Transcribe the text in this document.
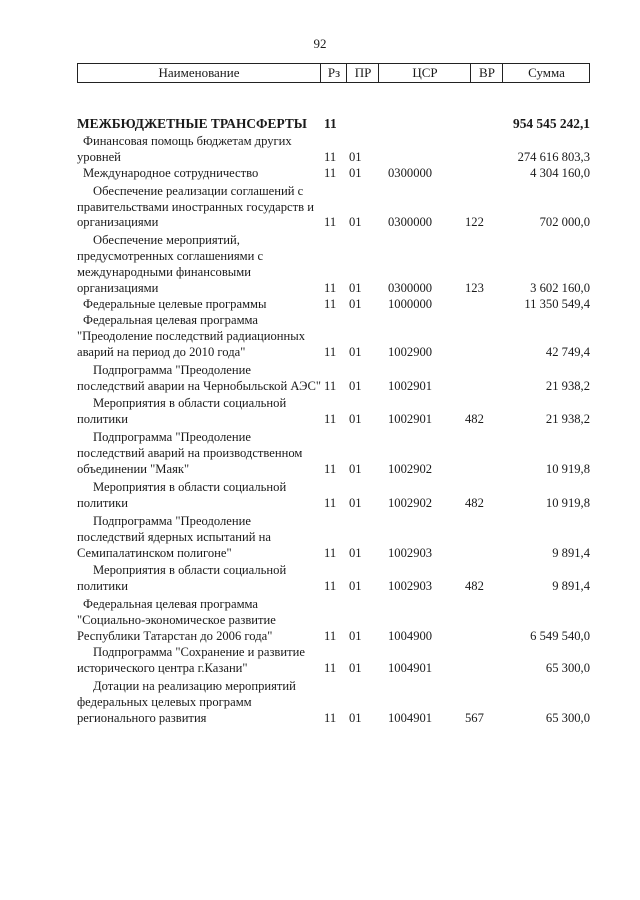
92
Наименование	Рз	ПР	ЦСР	ВР	Сумма
МЕЖБЮДЖЕТНЫЕ ТРАНСФЕРТЫ	11	954 545 242,1
Финансовая помощь бюджетам других уровней	11	01	274 616 803,3
Международное сотрудничество	11	01	0300000	4 304 160,0
Обеспечение реализации соглашений с правительствами иностранных государств и организациями	11	01	0300000	122	702 000,0
Обеспечение мероприятий, предусмотренных соглашениями с международными финансовыми организациями	11	01	0300000	123	3 602 160,0
Федеральные целевые программы	11	01	1000000	11 350 549,4
Федеральная целевая программа "Преодоление последствий радиационных аварий на период до 2010 года"	11	01	1002900	42 749,4
Подпрограмма "Преодоление последствий аварии на Чернобыльской АЭС" 11	01	1002901	21 938,2
Мероприятия в области социальной политики	11	01	1002901	482	21 938,2
Подпрограмма "Преодоление последствий аварий на производственном объединении "Маяк"	11	01	1002902	10 919,8
Мероприятия в области социальной политики	11	01	1002902	482	10 919,8
Подпрограмма "Преодоление последствий ядерных испытаний на Семипалатинском полигоне"	11	01	1002903	9 891,4
Мероприятия в области социальной политики	11	01	1002903	482	9 891,4
Федеральная целевая программа "Социально-экономическое развитие Республики Татарстан до 2006 года"	11	01	1004900	6 549 540,0
Подпрограмма "Сохранение и развитие исторического центра г.Казани"	11	01	1004901	65 300,0
Дотации на реализацию мероприятий федеральных целевых программ регионального развития	11	01	1004901	567	65 300,0
